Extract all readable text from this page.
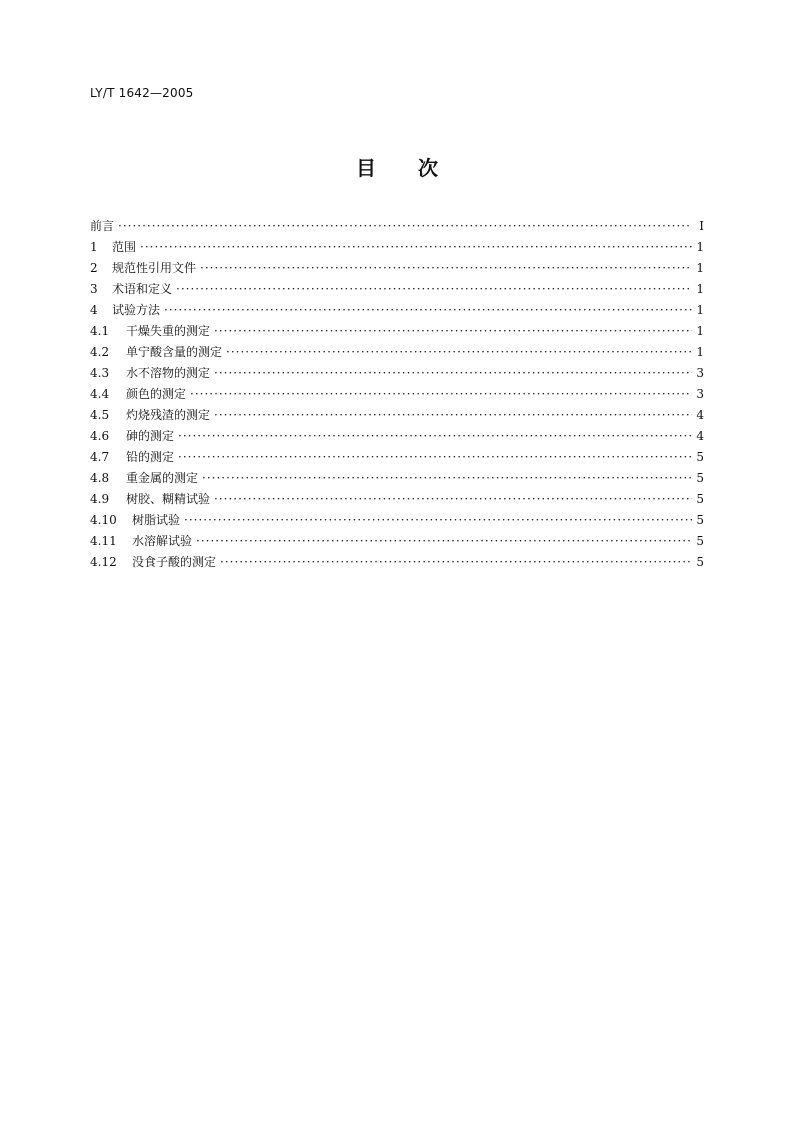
LY/T 1642—2005
目次
前言 ·····	Ⅰ
1	范围 ·····	1
2	规范性引用文件 ·····	1
3	术语和定义 ·····	1
4	试验方法 ·····	1
4.1	干燥失重的测定 ·····	1
4.2	单宁酸含量的测定 ·····	1
4.3	水不溶物的测定 ·····	3
4.4	颜色的测定 ·····	3
4.5	灼烧残渣的测定 ·····	4
4.6	砷的测定 ·····	4
4.7	铅的测定 ·····	5
4.8	重金属的测定 ·····	5
4.9	树胶、糊精试验 ·····	5
4.10	树脂试验 ·····	5
4.11	水溶解试验 ·····	5
4.12	没食子酸的测定 ·····	5
